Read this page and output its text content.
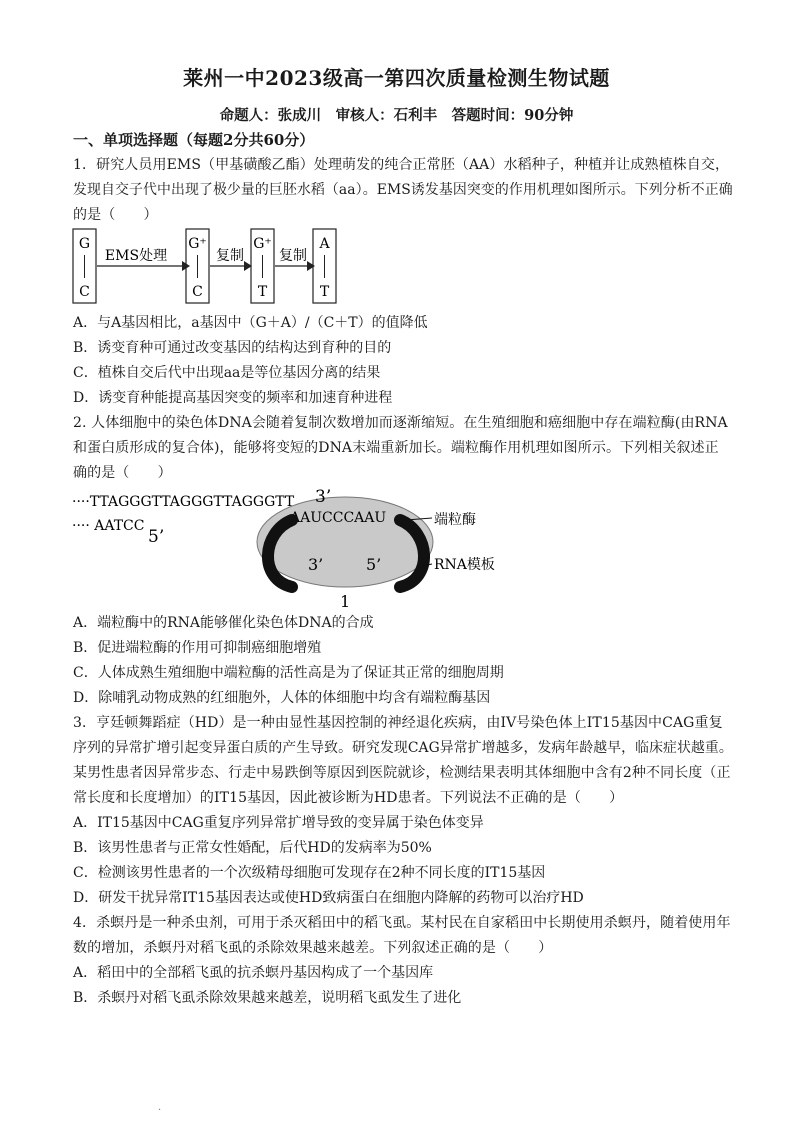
莱州一中2023级高一第四次质量检测生物试题
命题人：张成川　审核人：石利丰　答题时间：90分钟
一、单项选择题（每题2分共60分）
1．研究人员用EMS（甲基磺酸乙酯）处理萌发的纯合正常胚（AA）水稻种子，种植并让成熟植株自交，
发现自交子代中出现了极少量的巨胚水稻（aa）。EMS诱发基因突变的作用机理如图所示。下列分析不正确
的是（　　）
G
C
EMS处理
G⁺
C
复制
G⁺
T
复制
A
T
A．与A基因相比，a基因中（G＋A）/（C＋T）的值降低
B．诱变育种可通过改变基因的结构达到育种的目的
C．植株自交后代中出现aa是等位基因分离的结果
D．诱变育种能提高基因突变的频率和加速育种进程
2. 人体细胞中的染色体DNA会随着复制次数增加而逐渐缩短。在生殖细胞和癌细胞中存在端粒酶(由RNA
和蛋白质形成的复合体)，能够将变短的DNA末端重新加长。端粒酶作用机理如图所示。下列相关叙述正
确的是（　　）
····TTAGGGTTAGGGTTAGGGTT 3’
···· AATCC
5’
AAUCCCAAU
3’	5’
端粒酶
RNA模板
1
A．端粒酶中的RNA能够催化染色体DNA的合成
B．促进端粒酶的作用可抑制癌细胞增殖
C．人体成熟生殖细胞中端粒酶的活性高是为了保证其正常的细胞周期
D．除哺乳动物成熟的红细胞外，人体的体细胞中均含有端粒酶基因
3．亨廷顿舞蹈症（HD）是一种由显性基因控制的神经退化疾病，由IV号染色体上IT15基因中CAG重复
序列的异常扩增引起变异蛋白质的产生导致。研究发现CAG异常扩增越多，发病年龄越早，临床症状越重。
某男性患者因异常步态、行走中易跌倒等原因到医院就诊，检测结果表明其体细胞中含有2种不同长度（正
常长度和长度增加）的IT15基因，因此被诊断为HD患者。下列说法不正确的是（　　）
A．IT15基因中CAG重复序列异常扩增导致的变异属于染色体变异
B．该男性患者与正常女性婚配，后代HD的发病率为50%
C．检测该男性患者的一个次级精母细胞可发现存在2种不同长度的IT15基因
D．研发干扰异常IT15基因表达或使HD致病蛋白在细胞内降解的药物可以治疗HD
4．杀螟丹是一种杀虫剂，可用于杀灭稻田中的稻飞虱。某村民在自家稻田中长期使用杀螟丹，随着使用年
数的增加，杀螟丹对稻飞虱的杀除效果越来越差。下列叙述正确的是（　　）
A．稻田中的全部稻飞虱的抗杀螟丹基因构成了一个基因库
B．杀螟丹对稻飞虱杀除效果越来越差，说明稻飞虱发生了进化
.
